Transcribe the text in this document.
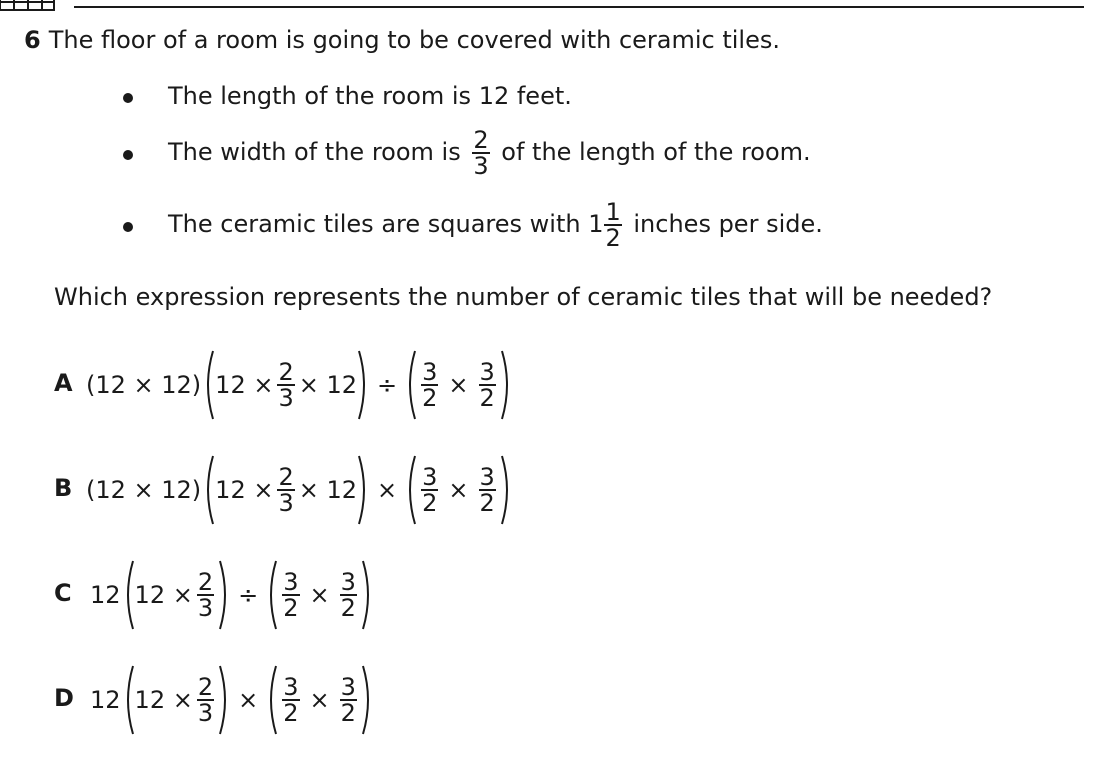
6 The floor of a room is going to be covered with ceramic tiles.
The length of the room is 12 feet.
The width of the room is $\frac{2}{3}$ of the length of the room.
The ceramic tiles are squares with $1 \frac{1}{2}$ inches per side.
Which expression represents the number of ceramic tiles that will be needed?
A (12 × 12) $12 \times \frac{2}{3} \times 12 \div \frac{3}{2} \times \frac{3}{2}$
B (12 × 12) $12 \times \frac{2}{3} \times 12 \times \frac{3}{2} \times \frac{3}{2}$
C 12 $12 \times \frac{2}{3} \div \frac{3}{2} \times \frac{3}{2}$
D 12 $12 \times \frac{2}{3} \times \frac{3}{2} \times \frac{3}{2}$
